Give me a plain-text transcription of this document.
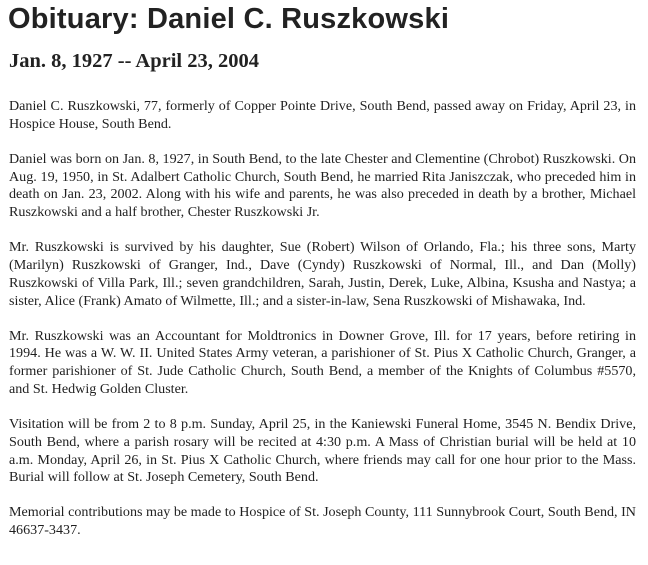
Obituary: Daniel C. Ruszkowski
Jan. 8, 1927 -- April 23, 2004

Daniel C. Ruszkowski, 77, formerly of Copper Pointe Drive, South Bend, passed away on Friday, April 23, in Hospice House, South Bend.

Daniel was born on Jan. 8, 1927, in South Bend, to the late Chester and Clementine (Chrobot) Ruszkowski. On Aug. 19, 1950, in St. Adalbert Catholic Church, South Bend, he married Rita Janiszczak, who preceded him in death on Jan. 23, 2002. Along with his wife and parents, he was also preceded in death by a brother, Michael Ruszkowski and a half brother, Chester Ruszkowski Jr.

Mr. Ruszkowski is survived by his daughter, Sue (Robert) Wilson of Orlando, Fla.; his three sons, Marty (Marilyn) Ruszkowski of Granger, Ind., Dave (Cyndy) Ruszkowski of Normal, Ill., and Dan (Molly) Ruszkowski of Villa Park, Ill.; seven grandchildren, Sarah, Justin, Derek, Luke, Albina, Ksusha and Nastya; a sister, Alice (Frank) Amato of Wilmette, Ill.; and a sister-in-law, Sena Ruszkowski of Mishawaka, Ind.

Mr. Ruszkowski was an Accountant for Moldtronics in Downer Grove, Ill. for 17 years, before retiring in 1994. He was a W. W. II. United States Army veteran, a parishioner of St. Pius X Catholic Church, Granger, a former parishioner of St. Jude Catholic Church, South Bend, a member of the Knights of Columbus #5570, and St. Hedwig Golden Cluster.

Visitation will be from 2 to 8 p.m. Sunday, April 25, in the Kaniewski Funeral Home, 3545 N. Bendix Drive, South Bend, where a parish rosary will be recited at 4:30 p.m. A Mass of Christian burial will be held at 10 a.m. Monday, April 26, in St. Pius X Catholic Church, where friends may call for one hour prior to the Mass. Burial will follow at St. Joseph Cemetery, South Bend.

Memorial contributions may be made to Hospice of St. Joseph County, 111 Sunnybrook Court, South Bend, IN 46637-3437.
